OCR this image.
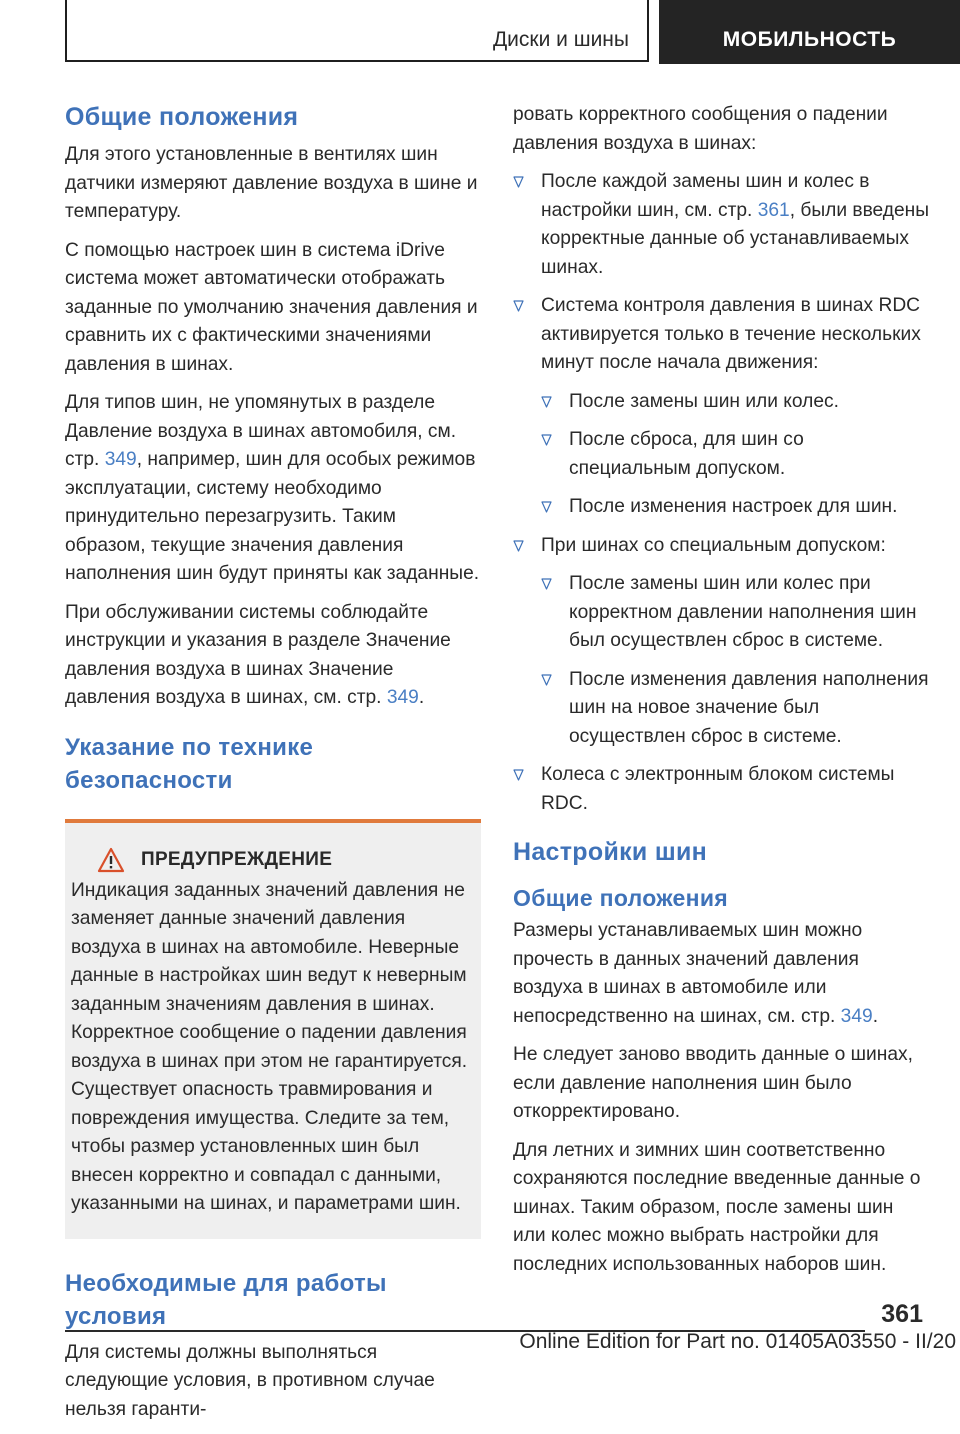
Диски и шины	МОБИЛЬНОСТЬ
Общие положения

Для этого установленные в вентилях шин датчики измеряют давление воздуха в шине и температуру.

С помощью настроек шин в система iDrive система может автоматически отображать заданные по умолчанию значения давления и сравнить их с фактическими значениями давления в шинах.

Для типов шин, не упомянутых в разделе Давление воздуха в шинах автомобиля, см. стр. 349, например, шин для особых режимов эксплуатации, систему необходимо принудительно перезагрузить. Таким образом, текущие значения давления наполнения шин будут приняты как заданные.

При обслуживании системы соблюдайте инструкции и указания в разделе Значение давления воздуха в шинах Значение давления воздуха в шинах, см. стр. 349.

Указание по технике безопасности
ПРЕДУПРЕЖДЕНИЕ

Индикация заданных значений давления не заменяет данные значений давления воздуха в шинах на автомобиле. Неверные данные в настройках шин ведут к неверным заданным значениям давления в шинах. Корректное сообщение о падении давления воздуха в шинах при этом не гарантируется. Существует опасность травмирования и повреждения имущества. Следите за тем, чтобы размер установленных шин был внесен корректно и совпадал с данными, указанными на шинах, и параметрами шин.

Необходимые для работы условия

Для системы должны выполняться следующие условия, в противном случае нельзя гаранти-

ровать корректного сообщения о падении давления воздуха в шинах:

После каждой замены шин и колес в настройки шин, см. стр. 361, были введены корректные данные об устанавливаемых шинах.
Система контроля давления в шинах RDC активируется только в течение нескольких минут после начала движения:
После замены шин или колес.
После сброса, для шин со специальным допуском.
После изменения настроек для шин.
При шинах со специальным допуском:
После замены шин или колес при корректном давлении наполнения шин был осуществлен сброс в системе.
После изменения давления наполнения шин на новое значение был осуществлен сброс в системе.
Колеса с электронным блоком системы RDC.
Настройки шин
Общие положения

Размеры устанавливаемых шин можно прочесть в данных значений давления воздуха в шинах в автомобиле или непосредственно на шинах, см. стр. 349.

Не следует заново вводить данные о шинах, если давление наполнения шин было откорректировано.

Для летних и зимних шин соответственно сохраняются последние введенные данные о шинах. Таким образом, после замены шин или колес можно выбрать настройки для последних использованных наборов шин.

361
Online Edition for Part no. 01405A03550 - II/20
